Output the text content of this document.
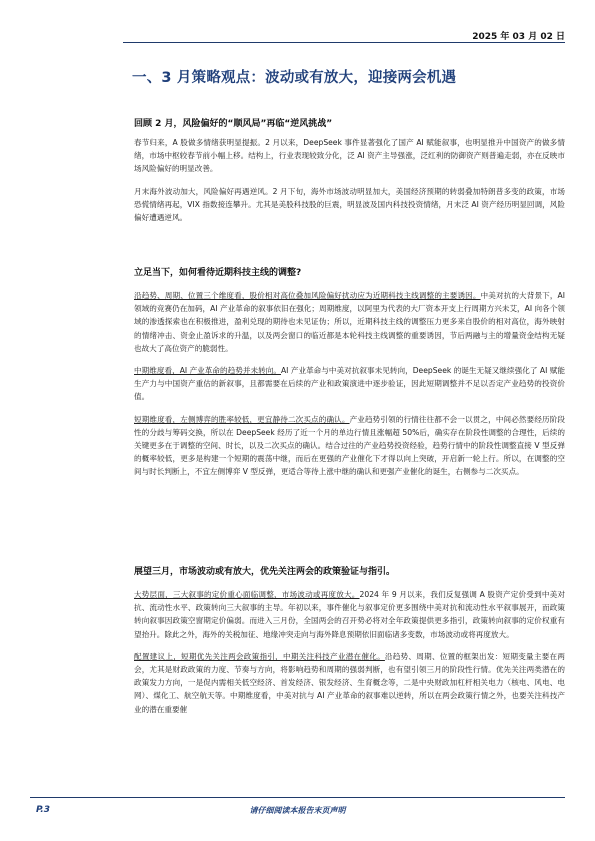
2025 年 03 月 02 日
一、3 月策略观点：波动或有放大，迎接两会机遇
回顾 2 月，风险偏好的“顺风局”再临“逆风挑战”

春节归来，A 股做多情绪获明显提振。2 月以来，DeepSeek 事件显著强化了国产 AI 赋能叙事，也明显推升中国资产的做多情绪，市场中枢较春节前小幅上移。结构上，行业表现较致分化，泛 AI 资产主导强涨，泛红利的防御资产则普遍走弱，亦在反映市场风险偏好的明显改善。

月末海外波动加大，风险偏好再遇逆风。2 月下旬，海外市场波动明显加大，美国经济预期的转弱叠加特朗普多变的政策，市场恐慌情绪再起，VIX 指数接连攀升。尤其是美股科技股的巨震，明显波及国内科技投资情绪，月末泛 AI 资产经历明显回调，风险偏好遭遇逆风。

立足当下，如何看待近期科技主线的调整?

沿趋势、周期、位置三个维度看，股价相对高位叠加风险偏好扰动应为近期科技主线调整的主要诱因。中美对抗的大背景下，AI 领域的竞赛仍在加码，AI 产业革命的叙事依旧在强化；周期维度，以阿里为代表的大厂资本开支上行周期方兴未艾，AI 向各个领域的渗透探索也在积极推进，盈利兑现的期待也未见证伪；所以，近期科技主线的调整压力更多来自股价的相对高位，海外映射的情绪冲击、资金止盈诉求的升温，以及两会窗口的临近都是本轮科技主线调整的重要诱因，节后两融与主的增量资金结构无疑也故大了高位资产的脆弱性。

中期维度看，AI 产业革命的趋势并未转向。AI 产业革命与中美对抗叙事未见转向，DeepSeek 的诞生无疑又继续强化了 AI 赋能生产力与中国资产重估的新叙事，且都需要在后续的产业和政策演进中逐步验证，因此短期调整并不足以否定产业趋势的投资价值。

短期维度看，左侧博弈的胜率较低，更宜静待二次买点的确认。产业趋势引领的行情往往都不会一以贯之，中间必然要经历阶段性的分歧与筹码交换，所以在 DeepSeek 经历了近一个月的单边行情且涨幅超 50%后，确实存在阶段性调整的合理性，后续的关键更多在于调整的空间、时长，以及二次买点的确认。结合过往的产业趋势投资经验，趋势行情中的阶段性调整直接 V 型反弹的概率较低，更多是构建一个短期的震荡中继，而后在更强的产业催化下才得以向上突破，开启新一轮上行。所以，在调整的空间与时长判断上，不宜左侧博弈 V 型反弹，更适合等待上涨中继的确认和更强产业催化的诞生，右侧参与二次买点。

展望三月，市场波动或有放大，优先关注两会的政策验证与指引。

大势层面，三大叙事的定价重心面临调整，市场波动或再度放大。2024 年 9 月以来，我们反复强调 A 股资产定价受到中美对抗、流动性水平、政策转向三大叙事的主导。年初以来，事件催化与叙事定价更多围绕中美对抗和流动性水平叙事展开，而政策转向叙事因政策空窗期定价偏弱。而进入三月份，全国两会的召开势必将对全年政策提供更多指引，政策转向叙事的定价权重有望抬升。除此之外，海外的关税加征、地缘冲突走向与海外降息预期依旧面临诸多变数，市场波动或将再度放大。

配置建议上，短期优先关注两会政策指引，中期关注科技产业潜在催化。沿趋势、周期、位置的框架出发：短期变量主要在两会，尤其是财政政策的力度、节奏与方向，将影响趋势和周期的强弱判断，也有望引领三月的阶段性行情。优先关注两类潜在的政策发力方向，一是促内需相关低空经济、首发经济、银发经济、生育概念等，二是中央财政加杠杆相关电力（核电、风电、电网）、煤化工、航空航天等。中期维度看，中美对抗与 AI 产业革命的叙事难以逆转，所以在两会政策行情之外，也要关注科技产业的潜在重要催

请仔细阅读本报告末页声明
P.3
